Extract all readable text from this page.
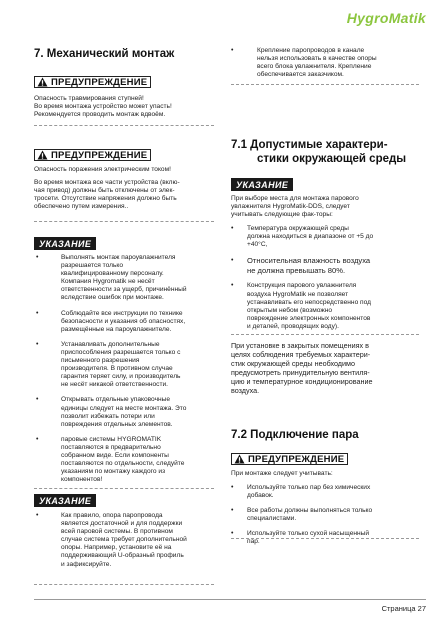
HygroMatik
7. Механический монтаж
ПРЕДУПРЕЖДЕНИЕ
Опасность травмирования ступней!
Во время монтажа устройство может упасть!
Рекомендуется проводить монтаж вдвоём.
ПРЕДУПРЕЖДЕНИЕ
Опасность поражения электрическим током!
Во время монтажа все части устройства (вклю-
чая привод) должны быть отключены от элек-
тросети. Отсутствие напряжения должно быть
обеспечено путем измерения..
УКАЗАНИЕ
• Выполнять монтаж пароувлажнителя
разрешается только
квалифицированному персоналу.
Компания Hygromatik не несёт
ответственности за ущерб, причинённый
вследствие ошибок при монтаже.
• Соблюдайте все инструкции по технике
безопасности и указания об опасностях,
размещённые на пароувлажнителе.
• Устанавливать дополнительные
приспособления разрешается только с
письменного разрешения
производителя. В противном случае
гарантия теряет силу, и производитель
не несёт никакой ответственности.
• Открывать отдельные упаковочные
единицы следует на месте монтажа. Это
позволит избежать потери или
повреждения отдельных элементов.
• паровые системы HYGROMATIK
поставляются в предварительно
собранном виде. Если компоненты
поставляются по отдельности, следуйте
указаниям по монтажу каждого из
компонентов!
УКАЗАНИЕ
• Как правило, опора паропровода
является достаточной и для поддержки
всей паровой системы. В противном
случае система требует дополнительной
опоры. Например, установите её на
поддерживающий U-образный профиль
и зафиксируйте.
• Крепление паропроводов в канале
нельзя использовать в качестве опоры
всего блока увлажнителя. Крепление
обеспечивается заказчиком.
7.1 Допустимые характери-
стики окружающей среды
УКАЗАНИЕ
При выборе места для монтажа парового
увлажнителя HygroMatik-DDS, следует
учитывать следующие фак-торы:
• Температура окружающей среды
должна находиться в диапазоне от +5 до
+40°C,
• Относительная влажность воздуха
не должна превышать 80%.
• Конструкция парового увлажнителя
воздуха HygroMatik не позволяет
устанавливать его непосредственно под
открытым небом (возможно
повреждение электронных компонентов
и деталей, проводящих воду).
При установке в закрытых помещениях в
целях соблюдения требуемых характери-
стик окружающей среды необходимо
предусмотреть принудительную вентиля-
цию и температурное кондиционирование
воздуха.
7.2 Подключение пара
ПРЕДУПРЕЖДЕНИЕ
При монтаже следует учитывать:
• Используйте только пар без химических
добавок.
• Все работы должны выполняться только
специалистами.
• Используйте только сухой насыщенный
пар.
Страница 27
